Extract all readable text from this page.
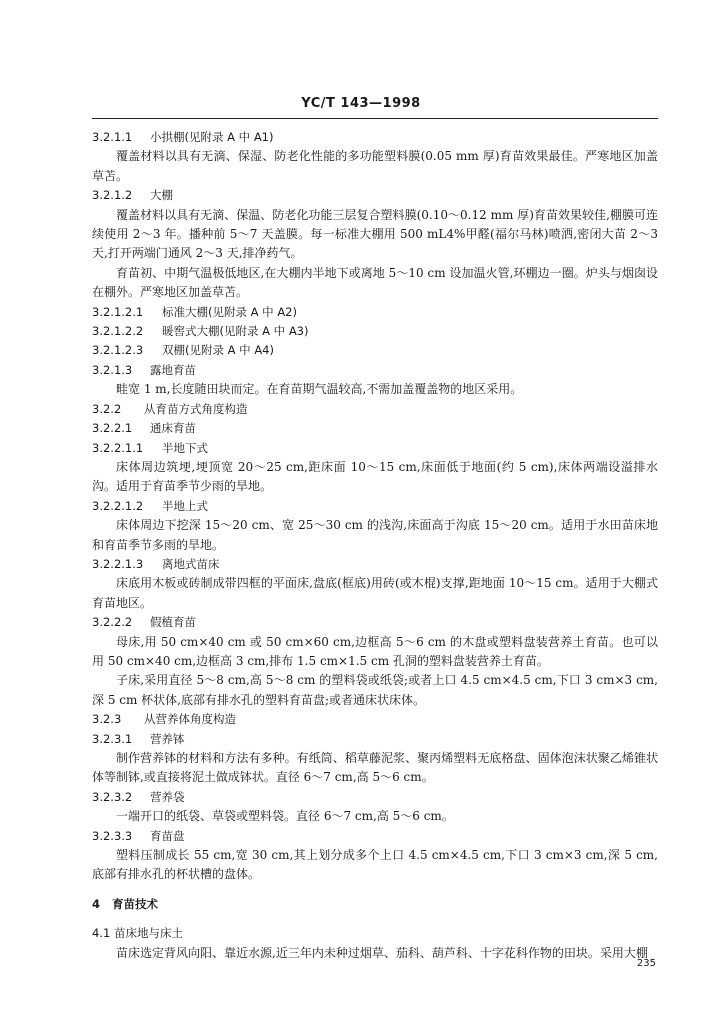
YC/T 143—1998

3.2.1.1 小拱棚(见附录 A 中 A1)

覆盖材料以具有无滴、保湿、防老化性能的多功能塑料膜(0.05 mm 厚)育苗效果最佳。严寒地区加盖草苫。

3.2.1.2 大棚

覆盖材料以具有无滴、保温、防老化功能三层复合塑料膜(0.10～0.12 mm 厚)育苗效果较佳,棚膜可连续使用 2～3 年。播种前 5～7 天盖膜。每一标准大棚用 500 mL4%甲醛(福尔马林)喷洒,密闭大苗 2～3 天,打开两端门通风 2～3 天,排净药气。

育苗初、中期气温极低地区,在大棚内半地下或离地 5～10 cm 设加温火管,环棚边一圈。炉头与烟囱设在棚外。严寒地区加盖草苫。

3.2.1.2.1 标准大棚(见附录 A 中 A2)

3.2.1.2.2 暖窖式大棚(见附录 A 中 A3)

3.2.1.2.3 双棚(见附录 A 中 A4)

3.2.1.3 露地育苗

畦宽 1 m,长度随田块而定。在育苗期气温较高,不需加盖覆盖物的地区采用。

3.2.2 从育苗方式角度构造

3.2.2.1 通床育苗

3.2.2.1.1 半地下式

床体周边筑埂,埂顶宽 20～25 cm,距床面 10～15 cm,床面低于地面(约 5 cm),床体两端设溢排水沟。适用于育苗季节少雨的旱地。

3.2.2.1.2 半地上式

床体周边下挖深 15～20 cm、宽 25～30 cm 的浅沟,床面高于沟底 15～20 cm。适用于水田苗床地和育苗季节多雨的旱地。

3.2.2.1.3 离地式苗床

床底用木板或砖制成带四框的平面床,盘底(框底)用砖(或木棍)支撑,距地面 10～15 cm。适用于大棚式育苗地区。

3.2.2.2 假植育苗

母床,用 50 cm×40 cm 或 50 cm×60 cm,边框高 5～6 cm 的木盘或塑料盘装营养土育苗。也可以用 50 cm×40 cm,边框高 3 cm,排布 1.5 cm×1.5 cm 孔洞的塑料盘装营养土育苗。

子床,采用直径 5～8 cm,高 5～8 cm 的塑料袋或纸袋;或者上口 4.5 cm×4.5 cm,下口 3 cm×3 cm,深 5 cm 杯状体,底部有排水孔的塑料育苗盘;或者通床状床体。

3.2.3 从营养体角度构造

3.2.3.1 营养钵

制作营养钵的材料和方法有多种。有纸筒、稻草藤泥浆、聚丙烯塑料无底格盘、固体泡沫状聚乙烯锥状体等制钵,或直接将泥土做成钵状。直径 6～7 cm,高 5～6 cm。

3.2.3.2 营养袋

一端开口的纸袋、草袋或塑料袋。直径 6～7 cm,高 5～6 cm。

3.2.3.3 育苗盘

塑料压制成长 55 cm,宽 30 cm,其上划分成多个上口 4.5 cm×4.5 cm,下口 3 cm×3 cm,深 5 cm,底部有排水孔的杯状槽的盘体。

4 育苗技术

4.1 苗床地与床土

苗床选定背风向阳、靠近水源,近三年内未种过烟草、茄科、葫芦科、十字花科作物的田块。采用大棚

235
